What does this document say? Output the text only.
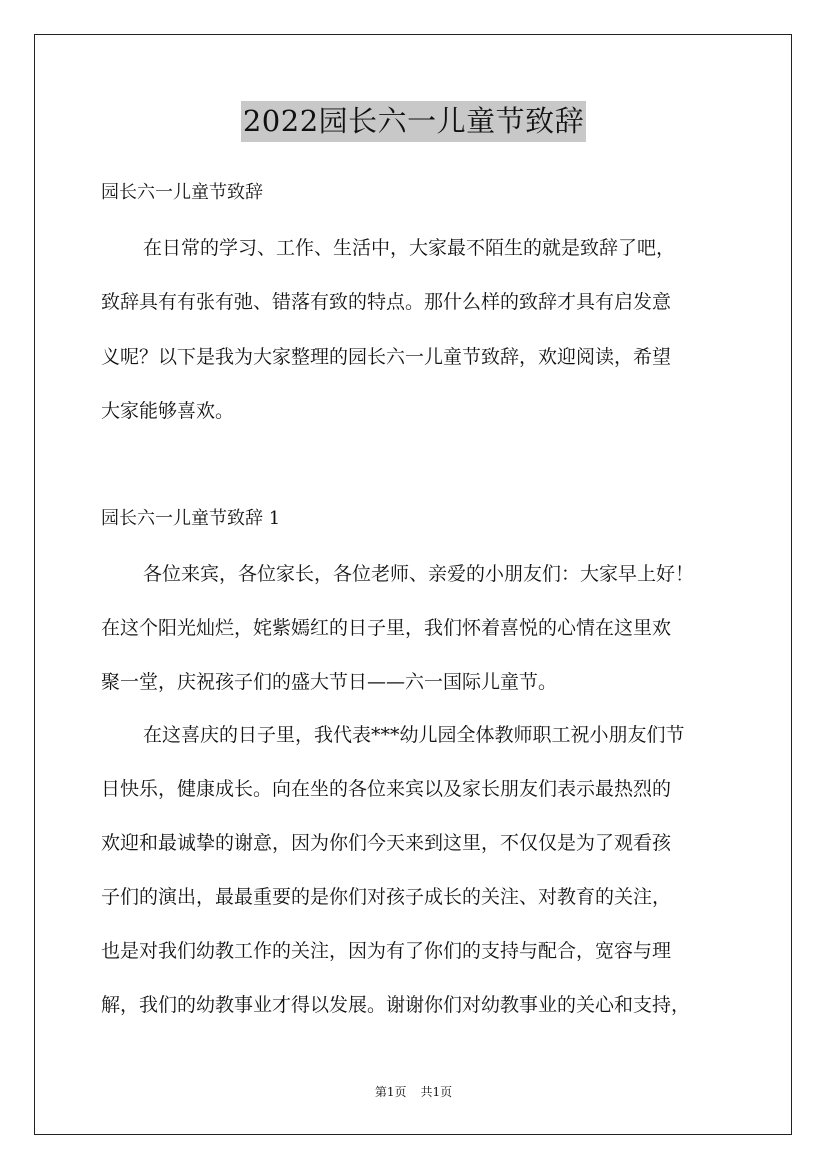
2022园长六一儿童节致辞
园长六一儿童节致辞
在日常的学习、工作、生活中，大家最不陌生的就是致辞了吧，
致辞具有有张有弛、错落有致的特点。那什么样的致辞才具有启发意
义呢？以下是我为大家整理的园长六一儿童节致辞，欢迎阅读，希望
大家能够喜欢。
园长六一儿童节致辞 1
各位来宾，各位家长，各位老师、亲爱的小朋友们：大家早上好！
在这个阳光灿烂，姹紫嫣红的日子里，我们怀着喜悦的心情在这里欢
聚一堂，庆祝孩子们的盛大节日——六一国际儿童节。
在这喜庆的日子里，我代表***幼儿园全体教师职工祝小朋友们节
日快乐，健康成长。向在坐的各位来宾以及家长朋友们表示最热烈的
欢迎和最诚挚的谢意，因为你们今天来到这里，不仅仅是为了观看孩
子们的演出，最最重要的是你们对孩子成长的关注、对教育的关注，
也是对我们幼教工作的关注，因为有了你们的支持与配合，宽容与理
解，我们的幼教事业才得以发展。谢谢你们对幼教事业的关心和支持，
第1页 共1页
